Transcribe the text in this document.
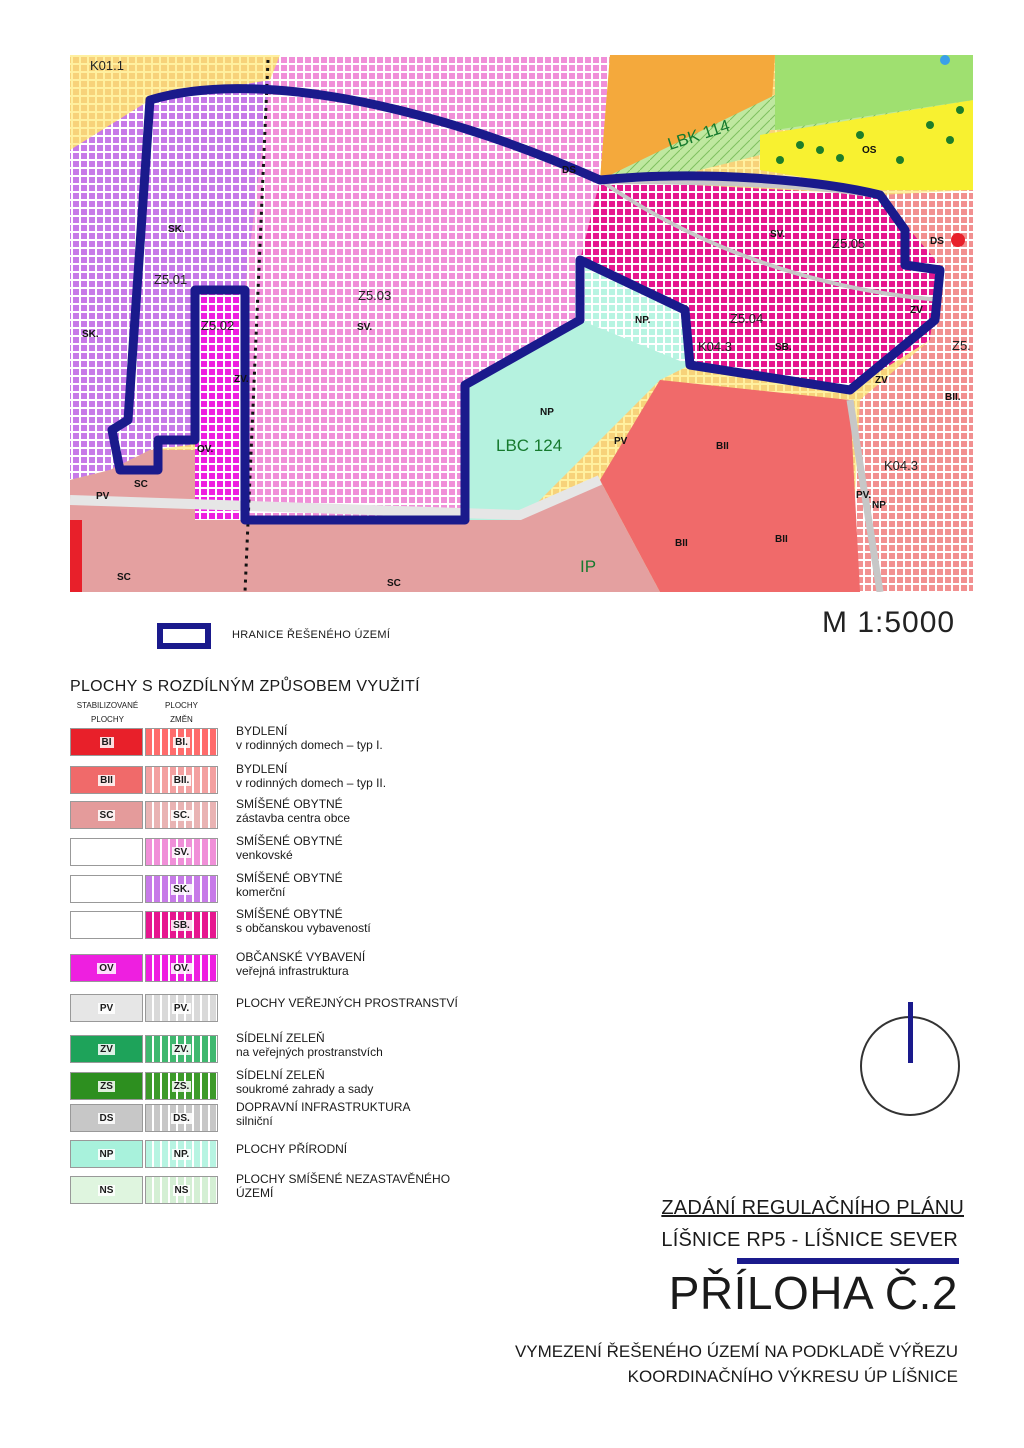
K01.1
LBK 114	OS
DS
DS
ZV
Z5.05
SV.
SK.
SK.
Z5.01
Z5.02
Z5.03
SV.
NP.	Z5.04
K04.3	SB.
ZV
Z5.
BII.
NP
LBC 124	PV	BII
OV.
SC
PV
K04.3
NP
PV.
BII	BII
SC
SC
IP
ZV.
M 1:5000
HRANICE ŘEŠENÉHO ÚZEMÍ
PLOCHY S ROZDÍLNÝM ZPŮSOBEM VYUŽITÍ
STABILIZOVANÉ
PLOCHY
PLOCHY
ZMĚN
BI	BI.
BYDLENÍ
v rodinných domech – typ I.
BII	BII.
BYDLENÍ
v rodinných domech – typ II.
SC	SC.
SMÍŠENÉ OBYTNÉ
zástavba centra obce
SV.
SMÍŠENÉ OBYTNÉ
venkovské
SK.
SMÍŠENÉ OBYTNÉ
komerční
SB.
SMÍŠENÉ OBYTNÉ
s občanskou vybaveností
OV	OV.
OBČANSKÉ VYBAVENÍ
veřejná infrastruktura
PV	PV.	PLOCHY VEŘEJNÝCH PROSTRANSTVÍ
ZV	ZV.
SÍDELNÍ ZELEŇ
na veřejných prostranstvích
ZS	ZS.
SÍDELNÍ ZELEŇ
soukromé zahrady a sady
DS	DS.
DOPRAVNÍ INFRASTRUKTURA
silniční
NP	NP.	PLOCHY PŘÍRODNÍ
NS	NS
PLOCHY SMÍŠENÉ NEZASTAVĚNÉHO
ÚZEMÍ
ZADÁNÍ REGULAČNÍHO PLÁNU
LÍŠNICE RP5 - LÍŠNICE SEVER
PŘÍLOHA Č.2
VYMEZENÍ ŘEŠENÉHO ÚZEMÍ NA PODKLADĚ VÝŘEZU
KOORDINAČNÍHO VÝKRESU ÚP LÍŠNICE
